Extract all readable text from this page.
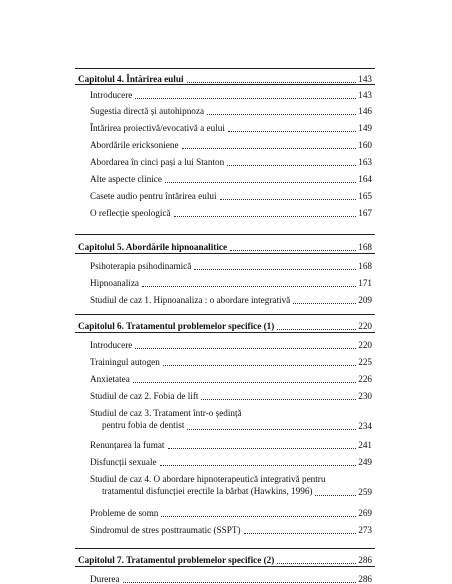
Capitolul 4. Întărirea eului	143
Introducere	143
Sugestia directă și autohipnoza	146
Întărirea proiectivă/evocativă a eului	149
Abordările ericksoniene	160
Abordarea în cinci pași a lui Stanton	163
Alte aspecte clinice	164
Casete audio pentru întărirea eului	165
O reflecție speologică	167
Capitolul 5. Abordările hipnoanalitice	168
Psihoterapia psihodinamică	168
Hipnoanaliza	171
Studiul de caz 1. Hipnoanaliza : o abordare integrativă	209
Capitolul 6. Tratamentul problemelor specifice (1)	220
Introducere	220
Trainingul autogen	225
Anxietatea	226
Studiul de caz 2. Fobia de lift	230
Studiul de caz 3. Tratament într-o ședință
pentru fobia de dentist	234
Renunțarea la fumat	241
Disfuncții sexuale	249
Studiul de caz 4. O abordare hipnoterapeutică integrativă pentru
tratamentul disfuncției erectile la bărbat (Hawkins, 1996)	259
Probleme de somn	269
Sindromul de stres posttraumatic (SSPT)	273
Capitolul 7. Tratamentul problemelor specifice (2)	286
Durerea	286
